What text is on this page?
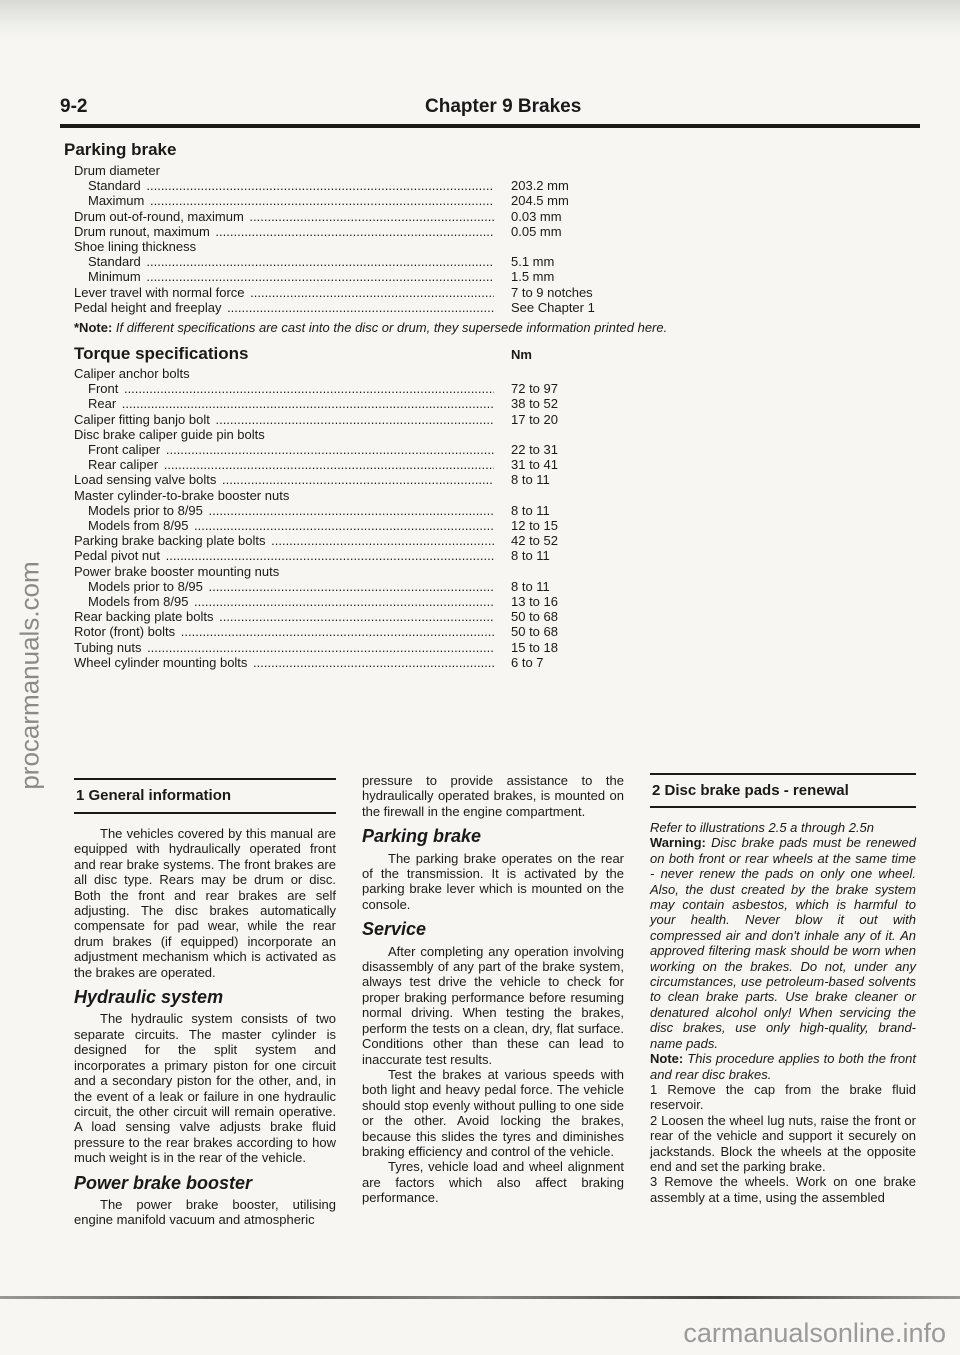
9-2	Chapter 9 Brakes
Parking brake
Drum diameter
Standard .....	203.2 mm
Maximum .....	204.5 mm
Drum out-of-round, maximum .....	0.03 mm
Drum runout, maximum .....	0.05 mm
Shoe lining thickness
Standard .....	5.1 mm
Minimum .....	1.5 mm
Lever travel with normal force .....	7 to 9 notches
Pedal height and freeplay .....	See Chapter 1
*Note: If different specifications are cast into the disc or drum, they supersede information printed here.
Torque specifications	Nm
Caliper anchor bolts
Front .....	72 to 97
Rear .....	38 to 52
Caliper fitting banjo bolt .....	17 to 20
Disc brake caliper guide pin bolts
Front caliper .....	22 to 31
Rear caliper .....	31 to 41
Load sensing valve bolts .....	8 to 11
Master cylinder-to-brake booster nuts
Models prior to 8/95 .....	8 to 11
Models from 8/95 .....	12 to 15
Parking brake backing plate bolts .....	42 to 52
Pedal pivot nut .....	8 to 11
Power brake booster mounting nuts
Models prior to 8/95 .....	8 to 11
Models from 8/95 .....	13 to 16
Rear backing plate bolts .....	50 to 68
Rotor (front) bolts .....	50 to 68
Tubing nuts .....	15 to 18
Wheel cylinder mounting bolts .....	6 to 7
1 General information

The vehicles covered by this manual are equipped with hydraulically operated front and rear brake systems. The front brakes are all disc type. Rears may be drum or disc. Both the front and rear brakes are self adjusting. The disc brakes automatically compensate for pad wear, while the rear drum brakes (if equipped) incorporate an adjustment mechanism which is activated as the brakes are operated.

Hydraulic system

The hydraulic system consists of two separate circuits. The master cylinder is designed for the split system and incorporates a primary piston for one circuit and a secondary piston for the other, and, in the event of a leak or failure in one hydraulic circuit, the other circuit will remain operative. A load sensing valve adjusts brake fluid pressure to the rear brakes according to how much weight is in the rear of the vehicle.

Power brake booster

The power brake booster, utilising engine manifold vacuum and atmospheric

pressure to provide assistance to the hydraulically operated brakes, is mounted on the firewall in the engine compartment.

Parking brake

The parking brake operates on the rear of the transmission. It is activated by the parking brake lever which is mounted on the console.

Service

After completing any operation involving disassembly of any part of the brake system, always test drive the vehicle to check for proper braking performance before resuming normal driving. When testing the brakes, perform the tests on a clean, dry, flat surface. Conditions other than these can lead to inaccurate test results.

Test the brakes at various speeds with both light and heavy pedal force. The vehicle should stop evenly without pulling to one side or the other. Avoid locking the brakes, because this slides the tyres and diminishes braking efficiency and control of the vehicle.

Tyres, vehicle load and wheel alignment are factors which also affect braking performance.

2 Disc brake pads - renewal

Refer to illustrations 2.5 a through 2.5n

Warning: Disc brake pads must be renewed on both front or rear wheels at the same time - never renew the pads on only one wheel. Also, the dust created by the brake system may contain asbestos, which is harmful to your health. Never blow it out with compressed air and don't inhale any of it. An approved filtering mask should be worn when working on the brakes. Do not, under any circumstances, use petroleum-based solvents to clean brake parts. Use brake cleaner or denatured alcohol only! When servicing the disc brakes, use only high-quality, brand-name pads.

Note: This procedure applies to both the front and rear disc brakes.

1 Remove the cap from the brake fluid reservoir.

2 Loosen the wheel lug nuts, raise the front or rear of the vehicle and support it securely on jackstands. Block the wheels at the opposite end and set the parking brake.

3 Remove the wheels. Work on one brake assembly at a time, using the assembled

procarmanuals.com
carmanualsonline.info
